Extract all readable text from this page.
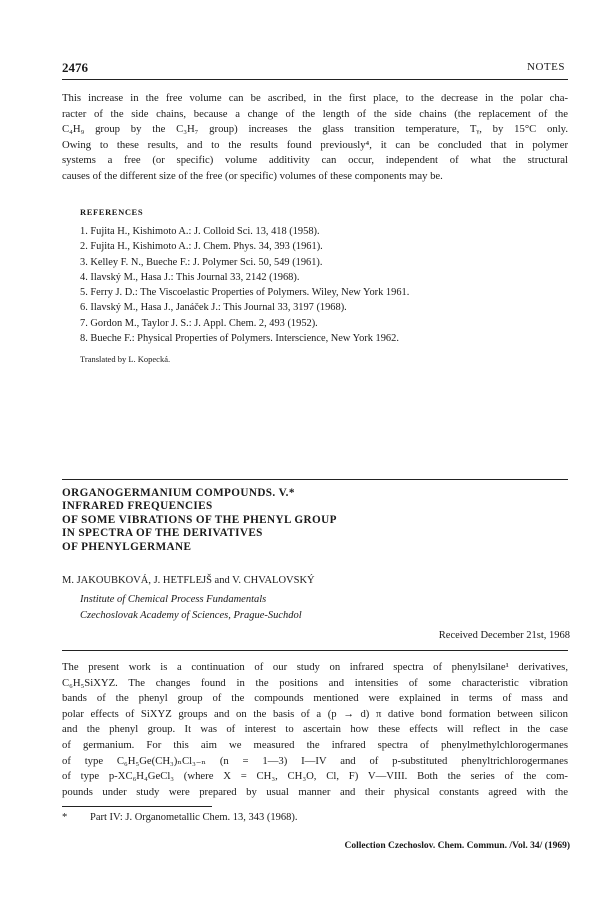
2476	NOTES
This increase in the free volume can be ascribed, in the first place, to the decrease in the polar cha-
racter of the side chains, because a change of the length of the side chains (the replacement of the
C₄H₉ group by the C₃H₇ group) increases the glass transition temperature, Tᵧ, by 15°C only.
Owing to these results, and to the results found previously⁴, it can be concluded that in polymer
systems a free (or specific) volume additivity can occur, independent of what the structural
causes of the different size of the free (or specific) volumes of these components may be.
REFERENCES
1. Fujita H., Kishimoto A.: J. Colloid Sci. 13, 418 (1958).
2. Fujita H., Kishimoto A.: J. Chem. Phys. 34, 393 (1961).
3. Kelley F. N., Bueche F.: J. Polymer Sci. 50, 549 (1961).
4. Ilavský M., Hasa J.: This Journal 33, 2142 (1968).
5. Ferry J. D.: The Viscoelastic Properties of Polymers. Wiley, New York 1961.
6. Ilavský M., Hasa J., Janáček J.: This Journal 33, 3197 (1968).
7. Gordon M., Taylor J. S.: J. Appl. Chem. 2, 493 (1952).
8. Bueche F.: Physical Properties of Polymers. Interscience, New York 1962.
Translated by L. Kopecká.
ORGANOGERMANIUM COMPOUNDS. V.*
INFRARED FREQUENCIES
OF SOME VIBRATIONS OF THE PHENYL GROUP
IN SPECTRA OF THE DERIVATIVES
OF PHENYLGERMANE
M. JAKOUBKOVÁ, J. HETFLEJŠ and V. CHVALOVSKÝ
Institute of Chemical Process Fundamentals
Czechoslovak Academy of Sciences, Prague-Suchdol
Received December 21st, 1968
The present work is a continuation of our study on infrared spectra of phenylsilane¹ derivatives,
C₆H₅SiXYZ. The changes found in the positions and intensities of some characteristic vibration
bands of the phenyl group of the compounds mentioned were explained in terms of mass and
polar effects of SiXYZ groups and on the basis of a (p → d) π dative bond formation between silicon
and the phenyl group. It was of interest to ascertain how these effects will reflect in the case
of germanium. For this aim we measured the infrared spectra of phenylmethylchlorogermanes
of type C₆H₅Ge(CH₃)ₙCl₃₋ₙ (n = 1—3) I—IV and of p-substituted phenyltrichlorogermanes
of type p-XC₆H₄GeCl₃ (where X = CH₃, CH₃O, Cl, F) V—VIII. Both the series of the com-
pounds under study were prepared by usual manner and their physical constants agreed with the
* Part IV: J. Organometallic Chem. 13, 343 (1968).
Collection Czechoslov. Chem. Commun. /Vol. 34/ (1969)
